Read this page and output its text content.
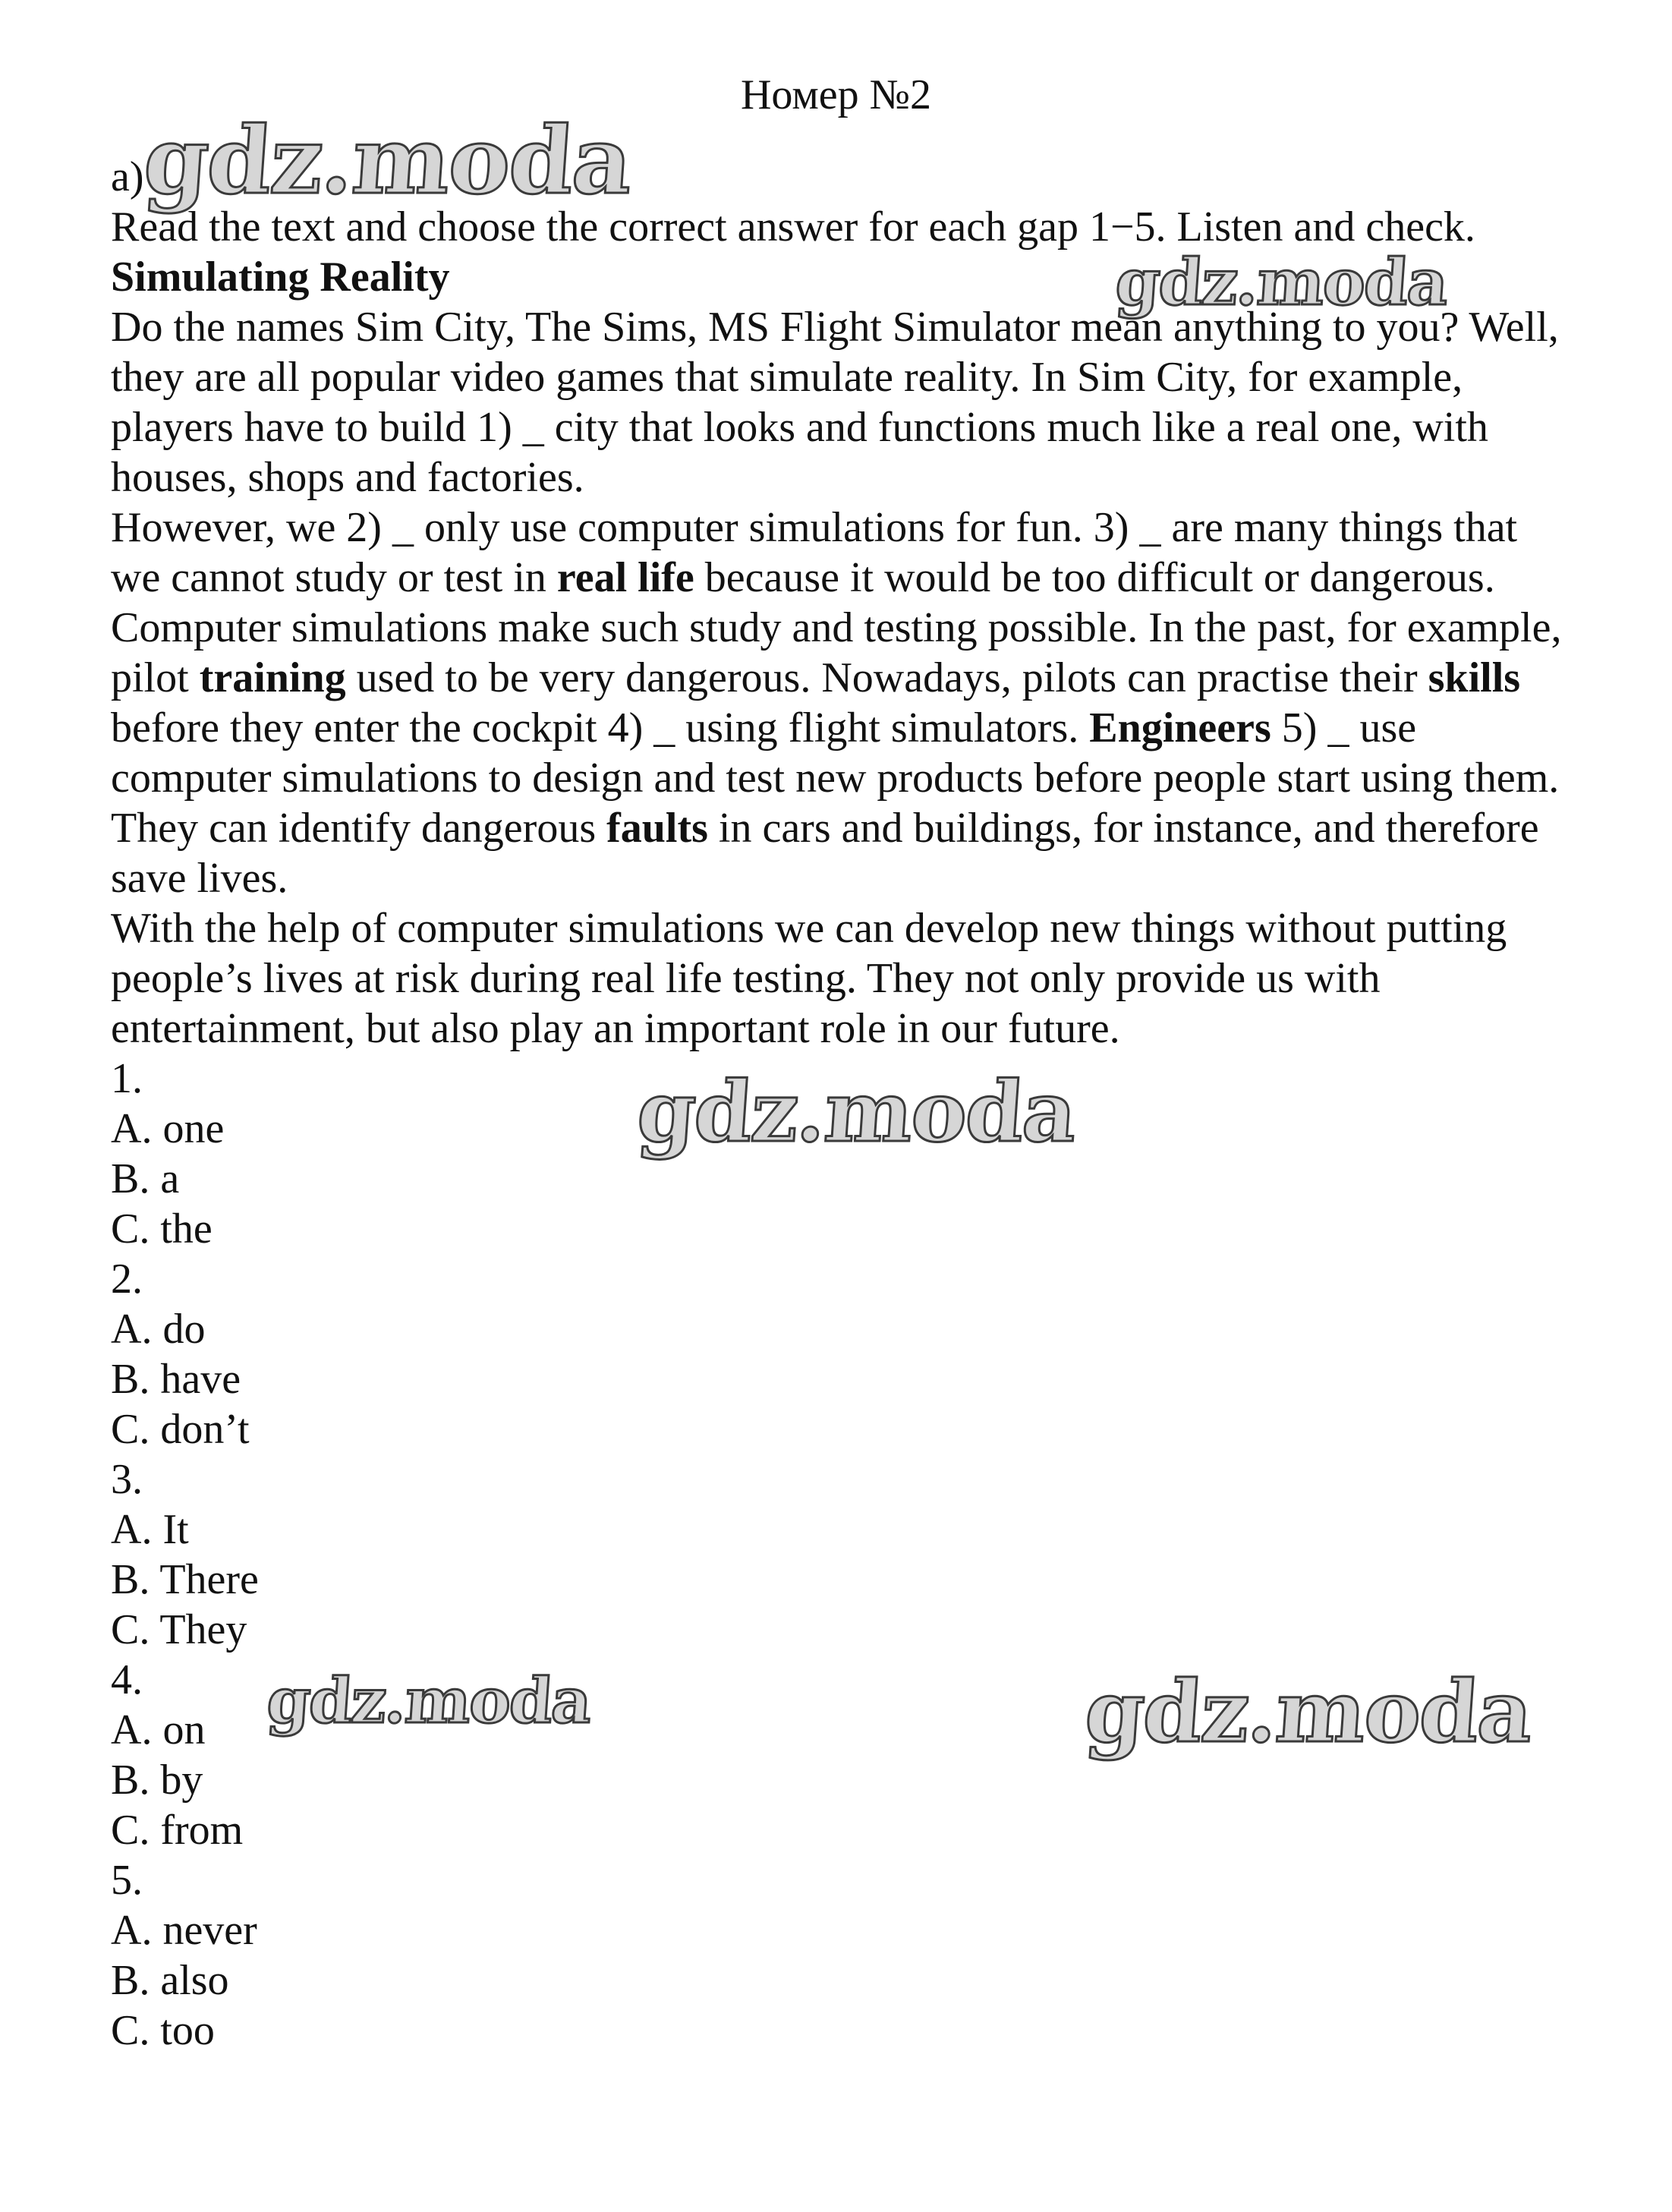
Номер №2

a)

Read the text and choose the correct answer for each gap 1−5. Listen and check.

Simulating Reality

Do the names Sim City, The Sims, MS Flight Simulator mean anything to you? Well, they are all popular video games that simulate reality. In Sim City, for example, players have to build 1) _ city that looks and functions much like a real one, with houses, shops and factories.

However, we 2) _ only use computer simulations for fun. 3) _ are many things that we cannot study or test in real life because it would be too difficult or dangerous. Computer simulations make such study and testing possible. In the past, for example, pilot training used to be very dangerous. Nowadays, pilots can practise their skills before they enter the cockpit 4) _ using flight simulators. Engineers 5) _ use computer simulations to design and test new products before people start using them. They can identify dangerous faults in cars and buildings, for instance, and therefore save lives.

With the help of computer simulations we can develop new things without putting people’s lives at risk during real life testing. They not only provide us with entertainment, but also play an important role in our future.

1.

A. one

B. a

C. the

2.

A. do

B. have

C. don’t

3.

A. It

B. There

C. They

4.

A. on

B. by

C. from

5.

A. never

B. also

C. too

gdz.moda
gdz.moda
gdz.moda
gdz.moda	gdz.moda
